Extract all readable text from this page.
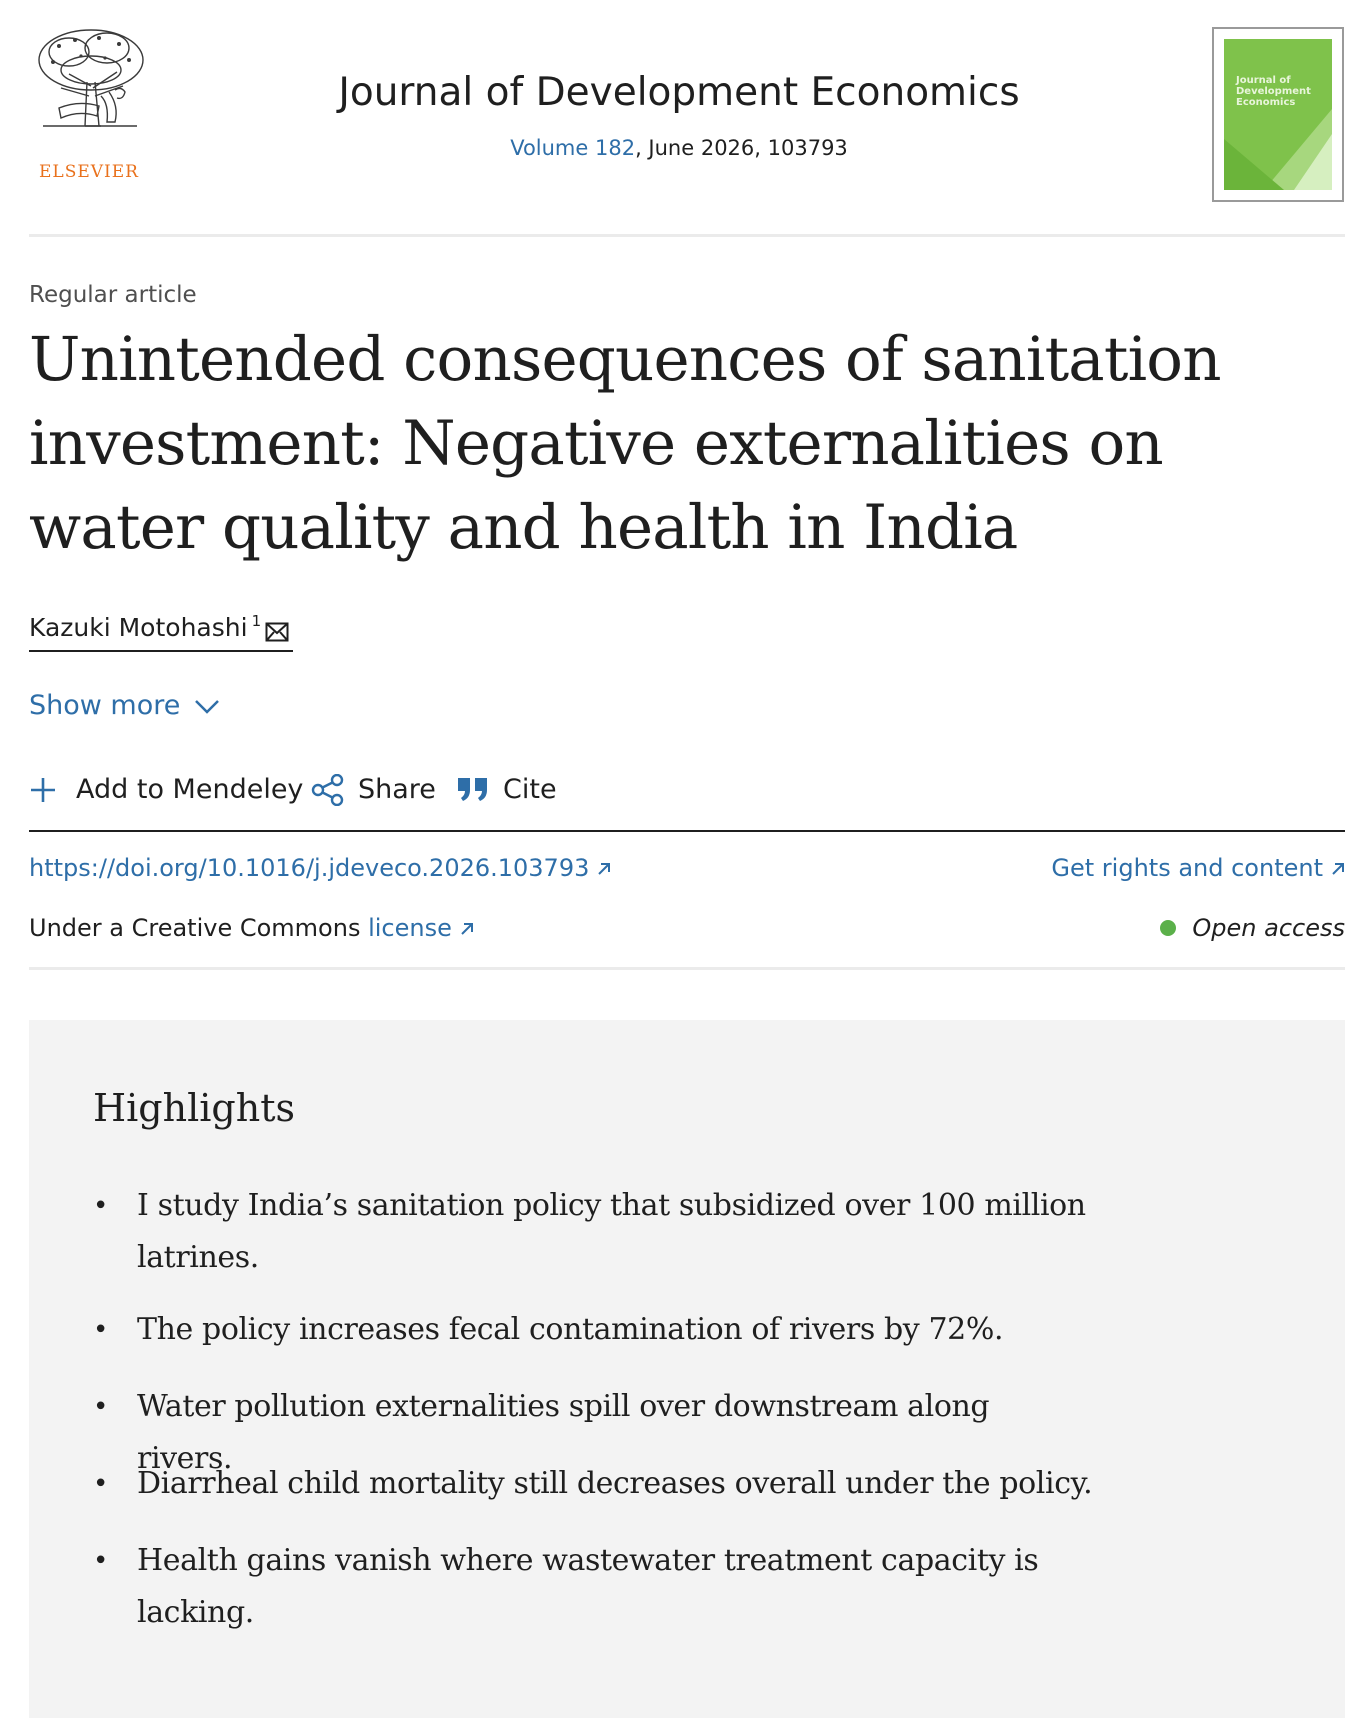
ELSEVIER
Journal of Development Economics
Volume 182, June 2026, 103793
Journal of Development Economics
Regular article
Unintended consequences of sanitation investment: Negative externalities on water quality and health in India
Kazuki Motohashi $^1$
Show more
Add to Mendeley Share Cite
https://doi.org/10.1016/j.jdeveco.2026.103793	Get rights and content
Under a Creative Commons license	Open access
Highlights
• I study India’s sanitation policy that subsidized over 100 million latrines.
• The policy increases fecal contamination of rivers by 72%.
• Water pollution externalities spill over downstream along rivers.
• Diarrheal child mortality still decreases overall under the policy.
• Health gains vanish where wastewater treatment capacity is lacking.
